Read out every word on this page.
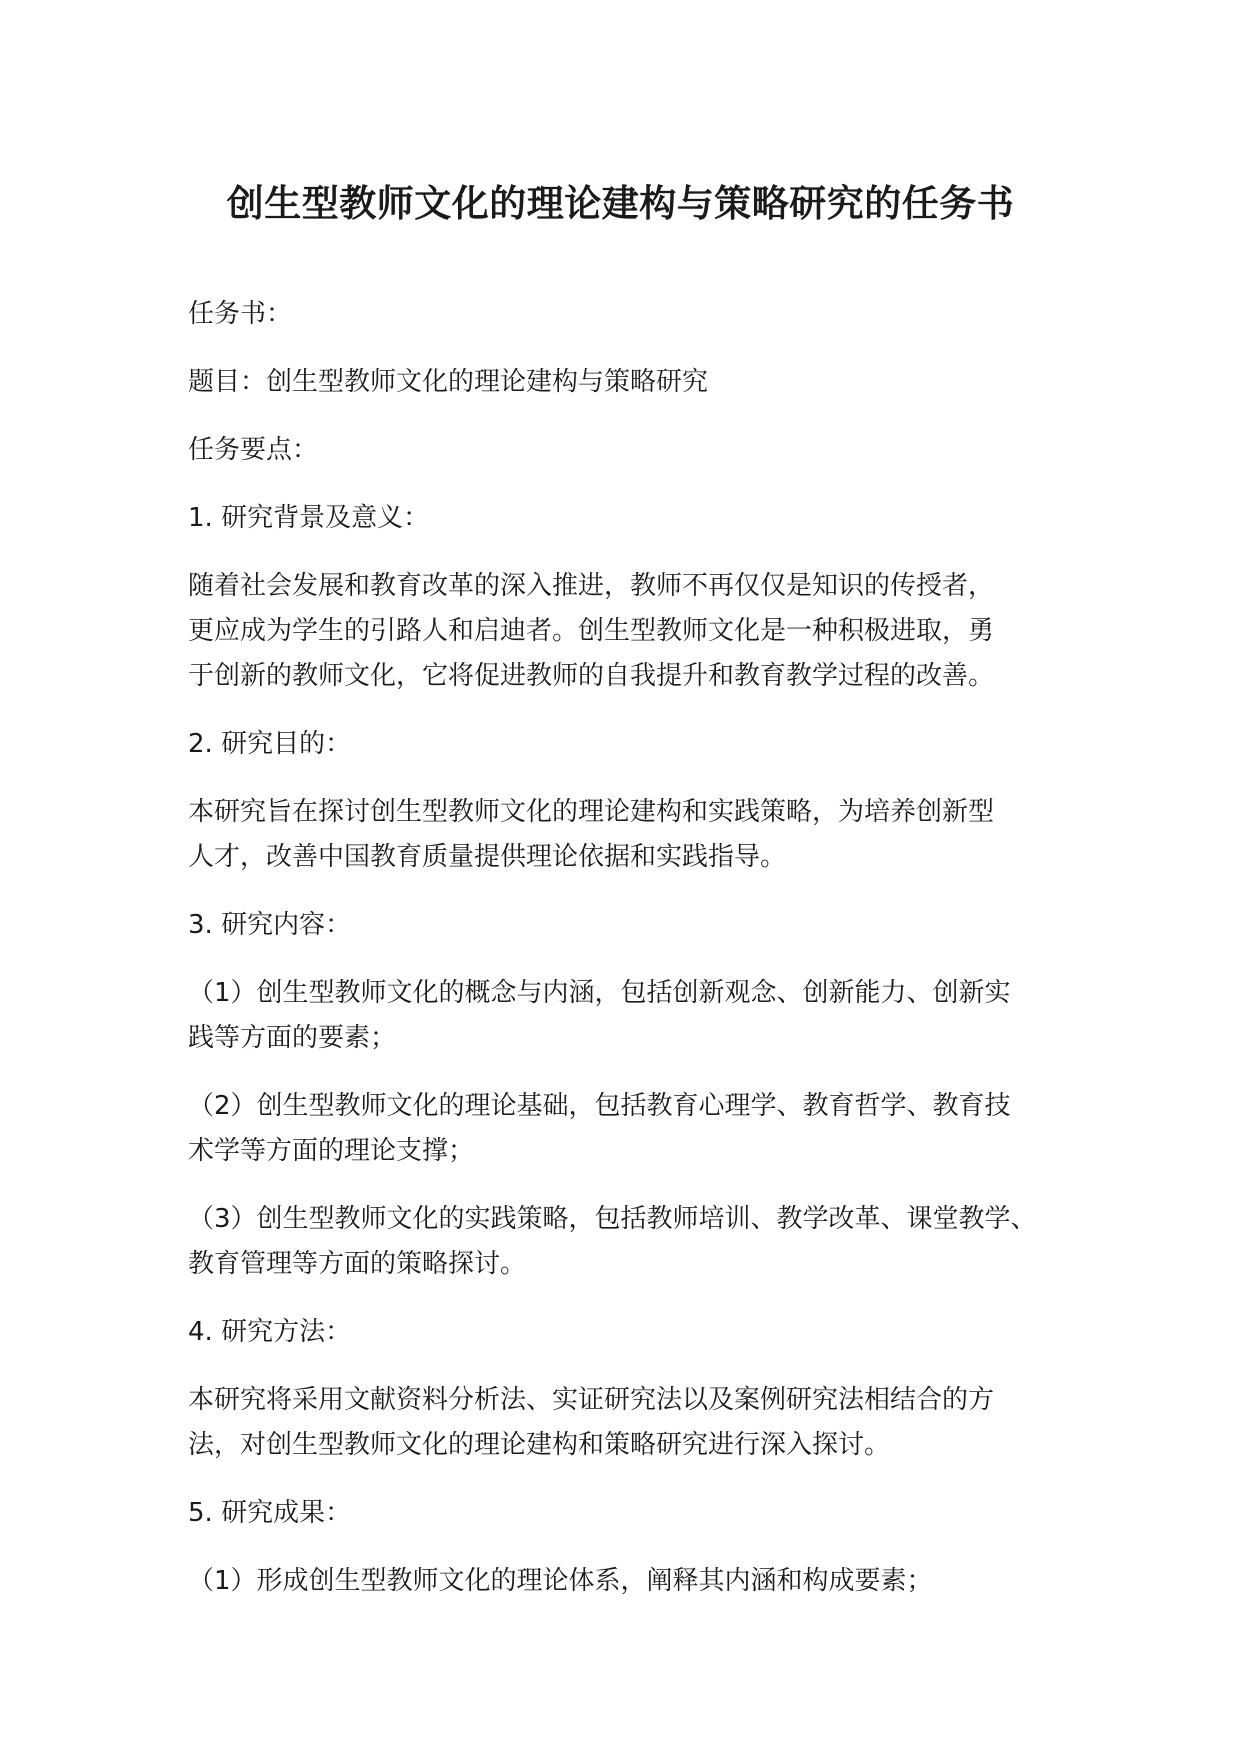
创生型教师文化的理论建构与策略研究的任务书

任务书：

题目：创生型教师文化的理论建构与策略研究

任务要点：

1. 研究背景及意义：

随着社会发展和教育改革的深入推进，教师不再仅仅是知识的传授者，
更应成为学生的引路人和启迪者。创生型教师文化是一种积极进取，勇
于创新的教师文化，它将促进教师的自我提升和教育教学过程的改善。

2. 研究目的：

本研究旨在探讨创生型教师文化的理论建构和实践策略，为培养创新型
人才，改善中国教育质量提供理论依据和实践指导。

3. 研究内容：

（1）创生型教师文化的概念与内涵，包括创新观念、创新能力、创新实
践等方面的要素；

（2）创生型教师文化的理论基础，包括教育心理学、教育哲学、教育技
术学等方面的理论支撑；

（3）创生型教师文化的实践策略，包括教师培训、教学改革、课堂教学、
教育管理等方面的策略探讨。

4. 研究方法：

本研究将采用文献资料分析法、实证研究法以及案例研究法相结合的方
法，对创生型教师文化的理论建构和策略研究进行深入探讨。

5. 研究成果：

（1）形成创生型教师文化的理论体系，阐释其内涵和构成要素；
